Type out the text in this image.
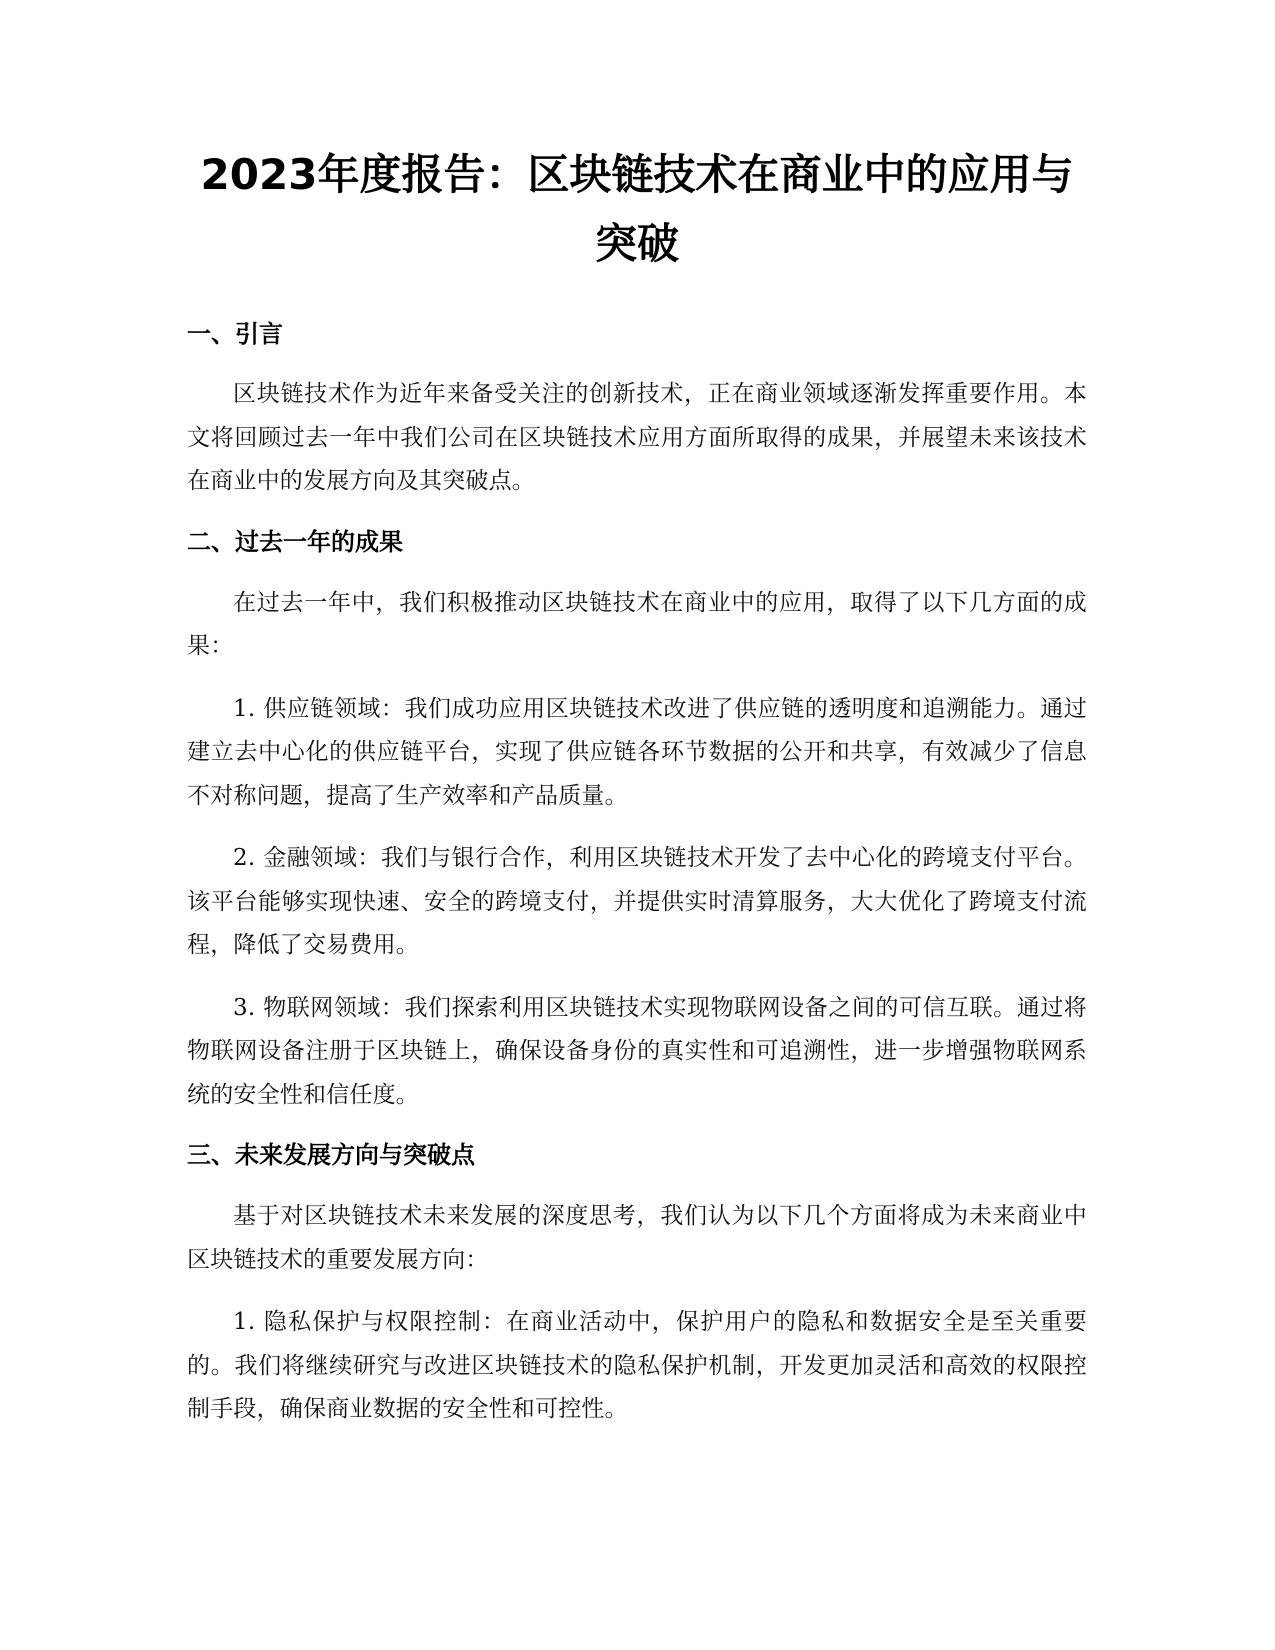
2023年度报告：区块链技术在商业中的应用与突破
一、引言

区块链技术作为近年来备受关注的创新技术，正在商业领域逐渐发挥重要作用。本文将回顾过去一年中我们公司在区块链技术应用方面所取得的成果，并展望未来该技术在商业中的发展方向及其突破点。

二、过去一年的成果

在过去一年中，我们积极推动区块链技术在商业中的应用，取得了以下几方面的成果：

1. 供应链领域：我们成功应用区块链技术改进了供应链的透明度和追溯能力。通过建立去中心化的供应链平台，实现了供应链各环节数据的公开和共享，有效减少了信息不对称问题，提高了生产效率和产品质量。

2. 金融领域：我们与银行合作，利用区块链技术开发了去中心化的跨境支付平台。该平台能够实现快速、安全的跨境支付，并提供实时清算服务，大大优化了跨境支付流程，降低了交易费用。

3. 物联网领域：我们探索利用区块链技术实现物联网设备之间的可信互联。通过将物联网设备注册于区块链上，确保设备身份的真实性和可追溯性，进一步增强物联网系统的安全性和信任度。

三、未来发展方向与突破点

基于对区块链技术未来发展的深度思考，我们认为以下几个方面将成为未来商业中区块链技术的重要发展方向：

1. 隐私保护与权限控制：在商业活动中，保护用户的隐私和数据安全是至关重要的。我们将继续研究与改进区块链技术的隐私保护机制，开发更加灵活和高效的权限控制手段，确保商业数据的安全性和可控性。
